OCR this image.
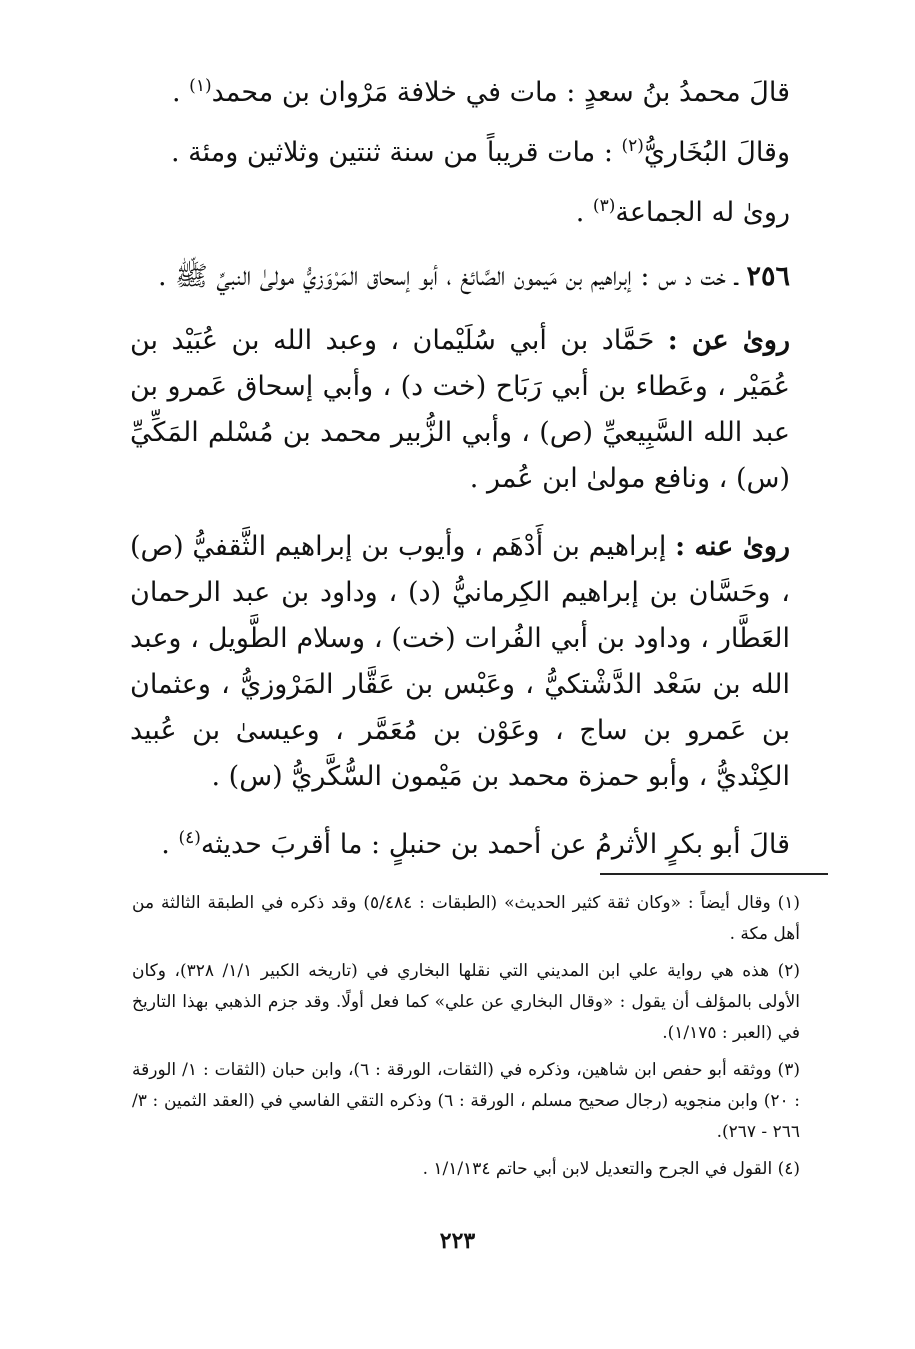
قالَ محمدُ بنُ سعدٍ : مات في خلافة مَرْوان بن محمد$^{(١)}$ .

وقالَ البُخَاريُّ$^{(٢)}$ : مات قريباً من سنة ثنتين وثلاثين ومئة .

روىٰ له الجماعة$^{(٣)}$ .

٢٥٦ ـ خت د س : إبراهيم بن مَيمون الصَّائغ ، أبو إسحاق المَرْوَزيُّ مولىٰ النبيِّ ﷺ .

روىٰ عن : حَمَّاد بن أبي سُلَيْمان ، وعبد الله بن عُبَيْد بن عُمَيْر ، وعَطاء بن أبي رَبَاح (خت د) ، وأبي إسحاق عَمرو بن عبد الله السَّبِيعيِّ (ص) ، وأبي الزُّبير محمد بن مُسْلم المَكِّيِّ (س) ، ونافع مولىٰ ابن عُمر .

روىٰ عنه : إبراهيم بن أَدْهَم ، وأيوب بن إبراهيم الثَّقفيُّ (ص) ، وحَسَّان بن إبراهيم الكِرمانيُّ (د) ، وداود بن عبد الرحمان العَطَّار ، وداود بن أبي الفُرات (خت) ، وسلام الطَّويل ، وعبد الله بن سَعْد الدَّشْتكيُّ ، وعَبْس بن عَقَّار المَرْوزيُّ ، وعثمان بن عَمرو بن ساج ، وعَوْن بن مُعَمَّر ، وعيسىٰ بن عُبيد الكِنْديُّ ، وأبو حمزة محمد بن مَيْمون السُّكَّريُّ (س) .

قالَ أبو بكرٍ الأثرمُ عن أحمد بن حنبلٍ : ما أقربَ حديثه$^{(٤)}$ .

(١) وقال أيضاً : «وكان ثقة كثير الحديث» (الطبقات : ٥/٤٨٤) وقد ذكره في الطبقة الثالثة من أهل مكة .

(٢) هذه هي رواية علي ابن المديني التي نقلها البخاري في (تاريخه الكبير ١/١/ ٣٢٨)، وكان الأولى بالمؤلف أن يقول : «وقال البخاري عن علي» كما فعل أولًا. وقد جزم الذهبي بهذا التاريخ في (العبر : ١/١٧٥).

(٣) ووثقه أبو حفص ابن شاهين، وذكره في (الثقات، الورقة : ٦)، وابن حبان (الثقات : ١/ الورقة : ٢٠) وابن منجويه (رجال صحيح مسلم ، الورقة : ٦) وذكره التقي الفاسي في (العقد الثمين : ٣/ ٢٦٦ - ٢٦٧).

(٤) القول في الجرح والتعديل لابن أبي حاتم ١/١/١٣٤ .

٢٢٣
